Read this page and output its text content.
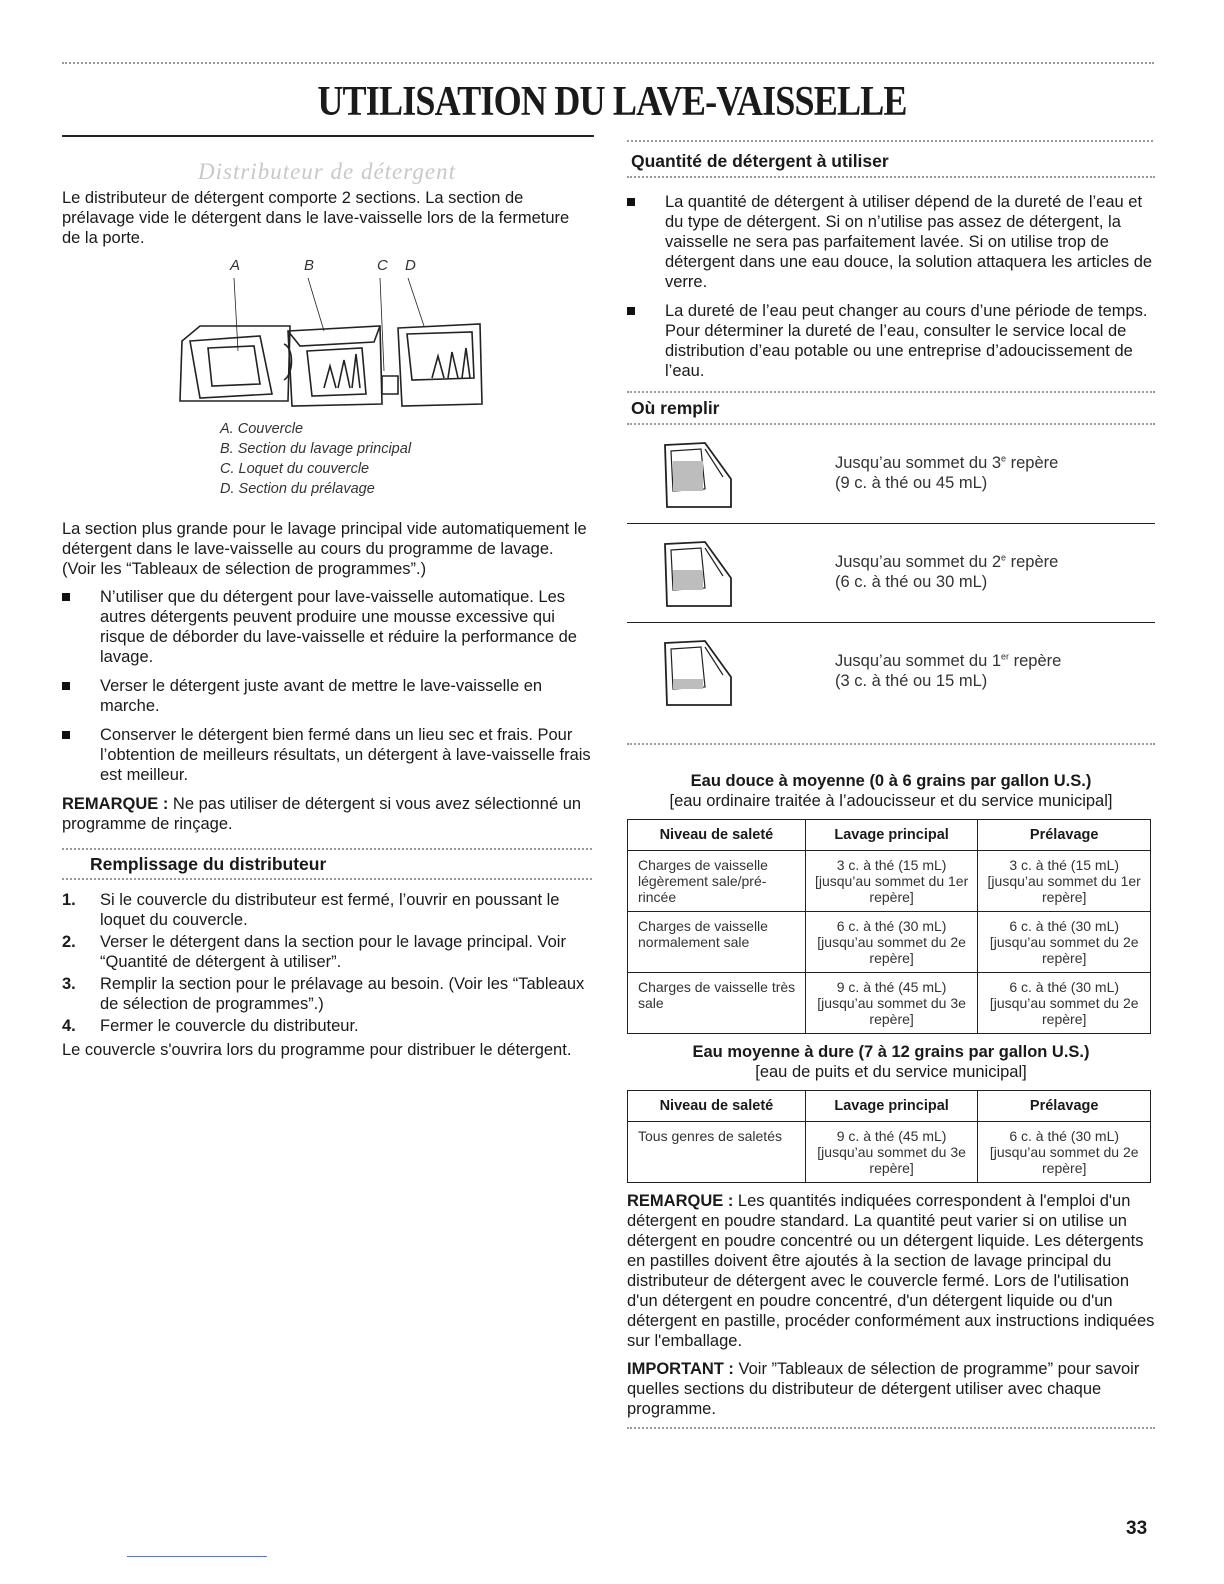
UTILISATION DU LAVE-VAISSELLE
Distributeur de détergent

Le distributeur de détergent comporte 2 sections. La section de prélavage vide le détergent dans le lave-vaisselle lors de la fermeture de la porte.

A	B	C D
A. Couvercle
B. Section du lavage principal
C. Loquet du couvercle
D. Section du prélavage

La section plus grande pour le lavage principal vide automatiquement le détergent dans le lave-vaisselle au cours du programme de lavage. (Voir les “Tableaux de sélection de programmes”.)

N’utiliser que du détergent pour lave-vaisselle automatique. Les autres détergents peuvent produire une mousse excessive qui risque de déborder du lave-vaisselle et réduire la performance de lavage.
Verser le détergent juste avant de mettre le lave-vaisselle en marche.
Conserver le détergent bien fermé dans un lieu sec et frais. Pour l’obtention de meilleurs résultats, un détergent à lave-vaisselle frais est meilleur.

REMARQUE : Ne pas utiliser de détergent si vous avez sélectionné un programme de rinçage.

Remplissage du distributeur
1. Si le couvercle du distributeur est fermé, l’ouvrir en poussant le loquet du couvercle.
2. Verser le détergent dans la section pour le lavage principal. Voir “Quantité de détergent à utiliser”.
3. Remplir la section pour le prélavage au besoin. (Voir les “Tableaux de sélection de programmes”.)
4. Fermer le couvercle du distributeur.

Le couvercle s'ouvrira lors du programme pour distribuer le détergent.

Quantité de détergent à utiliser
La quantité de détergent à utiliser dépend de la dureté de l’eau et du type de détergent. Si on n’utilise pas assez de détergent, la vaisselle ne sera pas parfaitement lavée. Si on utilise trop de détergent dans une eau douce, la solution attaquera les articles de verre.
La dureté de l’eau peut changer au cours d’une période de temps. Pour déterminer la dureté de l’eau, consulter le service local de distribution d’eau potable ou une entreprise d’adoucissement de l’eau.
Où remplir
Jusqu’au sommet du 3e repère
(9 c. à thé ou 45 mL)
Jusqu’au sommet du 2e repère
(6 c. à thé ou 30 mL)
Jusqu’au sommet du 1er repère
(3 c. à thé ou 15 mL)
Eau douce à moyenne (0 à 6 grains par gallon U.S.)
[eau ordinaire traitée à l’adoucisseur et du service municipal]
Niveau de saleté	Lavage principal	Prélavage
Charges de vaisselle légèrement sale/pré-rincée	3 c. à thé (15 mL) [jusqu’au sommet du 1er repère]	3 c. à thé (15 mL) [jusqu’au sommet du 1er repère]
Charges de vaisselle normalement sale	6 c. à thé (30 mL) [jusqu’au sommet du 2e repère]	6 c. à thé (30 mL) [jusqu’au sommet du 2e repère]
Charges de vaisselle très sale	9 c. à thé (45 mL) [jusqu’au sommet du 3e repère]	6 c. à thé (30 mL) [jusqu’au sommet du 2e repère]
Eau moyenne à dure (7 à 12 grains par gallon U.S.)
[eau de puits et du service municipal]
Niveau de saleté	Lavage principal	Prélavage
Tous genres de saletés	9 c. à thé (45 mL) [jusqu’au sommet du 3e repère]	6 c. à thé (30 mL) [jusqu’au sommet du 2e repère]

REMARQUE : Les quantités indiquées correspondent à l'emploi d'un détergent en poudre standard. La quantité peut varier si on utilise un détergent en poudre concentré ou un détergent liquide. Les détergents en pastilles doivent être ajoutés à la section de lavage principal du distributeur de détergent avec le couvercle fermé. Lors de l'utilisation d'un détergent en poudre concentré, d'un détergent liquide ou d'un détergent en pastille, procéder conformément aux instructions indiquées sur l'emballage.

IMPORTANT : Voir ”Tableaux de sélection de programme” pour savoir quelles sections du distributeur de détergent utiliser avec chaque programme.

33
